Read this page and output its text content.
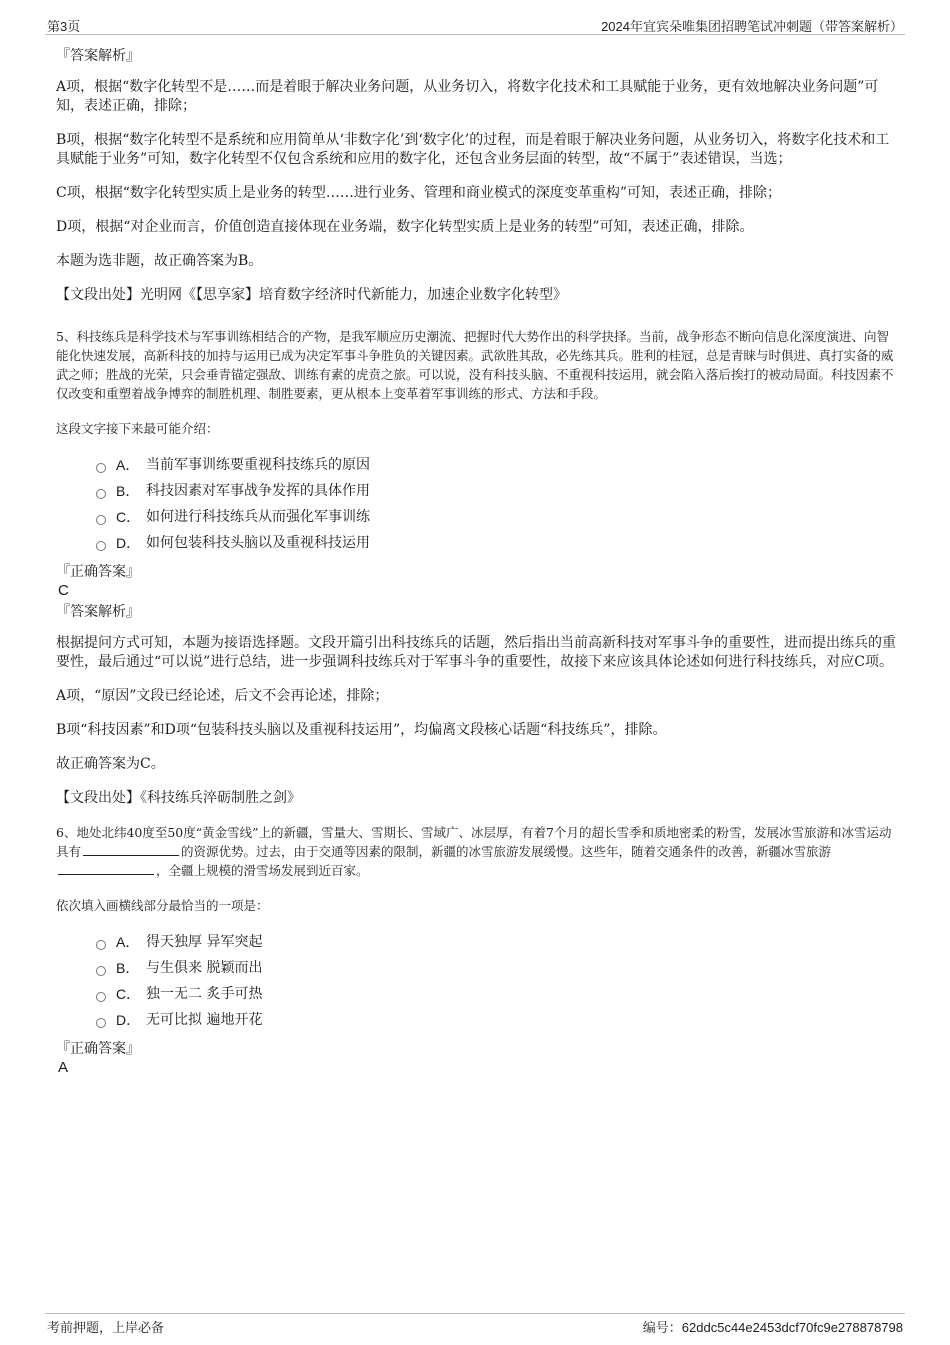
第3页	2024年宜宾朵唯集团招聘笔试冲刺题（带答案解析）

『答案解析』

A项，根据“数字化转型不是……而是着眼于解决业务问题，从业务切入，将数字化技术和工具赋能于业务，更有效地解决业务问题”可知，表述正确，排除；

B项，根据“数字化转型不是系统和应用简单从‘非数字化’到‘数字化’的过程，而是着眼于解决业务问题，从业务切入，将数字化技术和工具赋能于业务”可知，数字化转型不仅包含系统和应用的数字化，还包含业务层面的转型，故“不属于”表述错误，当选；

C项，根据“数字化转型实质上是业务的转型……进行业务、管理和商业模式的深度变革重构”可知，表述正确，排除；

D项，根据“对企业而言，价值创造直接体现在业务端，数字化转型实质上是业务的转型”可知，表述正确，排除。

本题为选非题，故正确答案为B。

【文段出处】光明网《【思享家】培育数字经济时代新能力，加速企业数字化转型》

5、科技练兵是科学技术与军事训练相结合的产物，是我军顺应历史潮流、把握时代大势作出的科学抉择。当前，战争形态不断向信息化深度演进、向智能化快速发展，高新科技的加持与运用已成为决定军事斗争胜负的关键因素。武欲胜其敌，必先练其兵。胜利的桂冠，总是青睐与时俱进、真打实备的威武之师；胜战的光荣，只会垂青锚定强敌、训练有素的虎贲之旅。可以说，没有科技头脑、不重视科技运用，就会陷入落后挨打的被动局面。科技因素不仅改变和重塑着战争博弈的制胜机理、制胜要素，更从根本上变革着军事训练的形式、方法和手段。

这段文字接下来最可能介绍：

A． 当前军事训练要重视科技练兵的原因
B． 科技因素对军事战争发挥的具体作用
C． 如何进行科技练兵从而强化军事训练
D． 如何包装科技头脑以及重视科技运用

『正确答案』

C

『答案解析』

根据提问方式可知，本题为接语选择题。文段开篇引出科技练兵的话题，然后指出当前高新科技对军事斗争的重要性，进而提出练兵的重要性，最后通过“可以说”进行总结，进一步强调科技练兵对于军事斗争的重要性，故接下来应该具体论述如何进行科技练兵，对应C项。

A项，“原因”文段已经论述，后文不会再论述，排除；

B项“科技因素”和D项“包装科技头脑以及重视科技运用”，均偏离文段核心话题“科技练兵”，排除。

故正确答案为C。

【文段出处】《科技练兵淬砺制胜之剑》

6、地处北纬40度至50度“黄金雪线”上的新疆，雪量大、雪期长、雪域广、冰层厚，有着7个月的超长雪季和质地密柔的粉雪，发展冰雪旅游和冰雪运动具有	的资源优势。过去，由于交通等因素的限制，新疆的冰雪旅游发展缓慢。这些年，随着交通条件的改善，新疆冰雪旅游，全疆上规模的滑雪场发展到近百家。

依次填入画横线部分最恰当的一项是：

A． 得天独厚 异军突起
B． 与生俱来 脱颖而出
C． 独一无二 炙手可热
D． 无可比拟 遍地开花

『正确答案』

A

考前押题，上岸必备	编号：62ddc5c44e2453dcf70fc9e278878798
